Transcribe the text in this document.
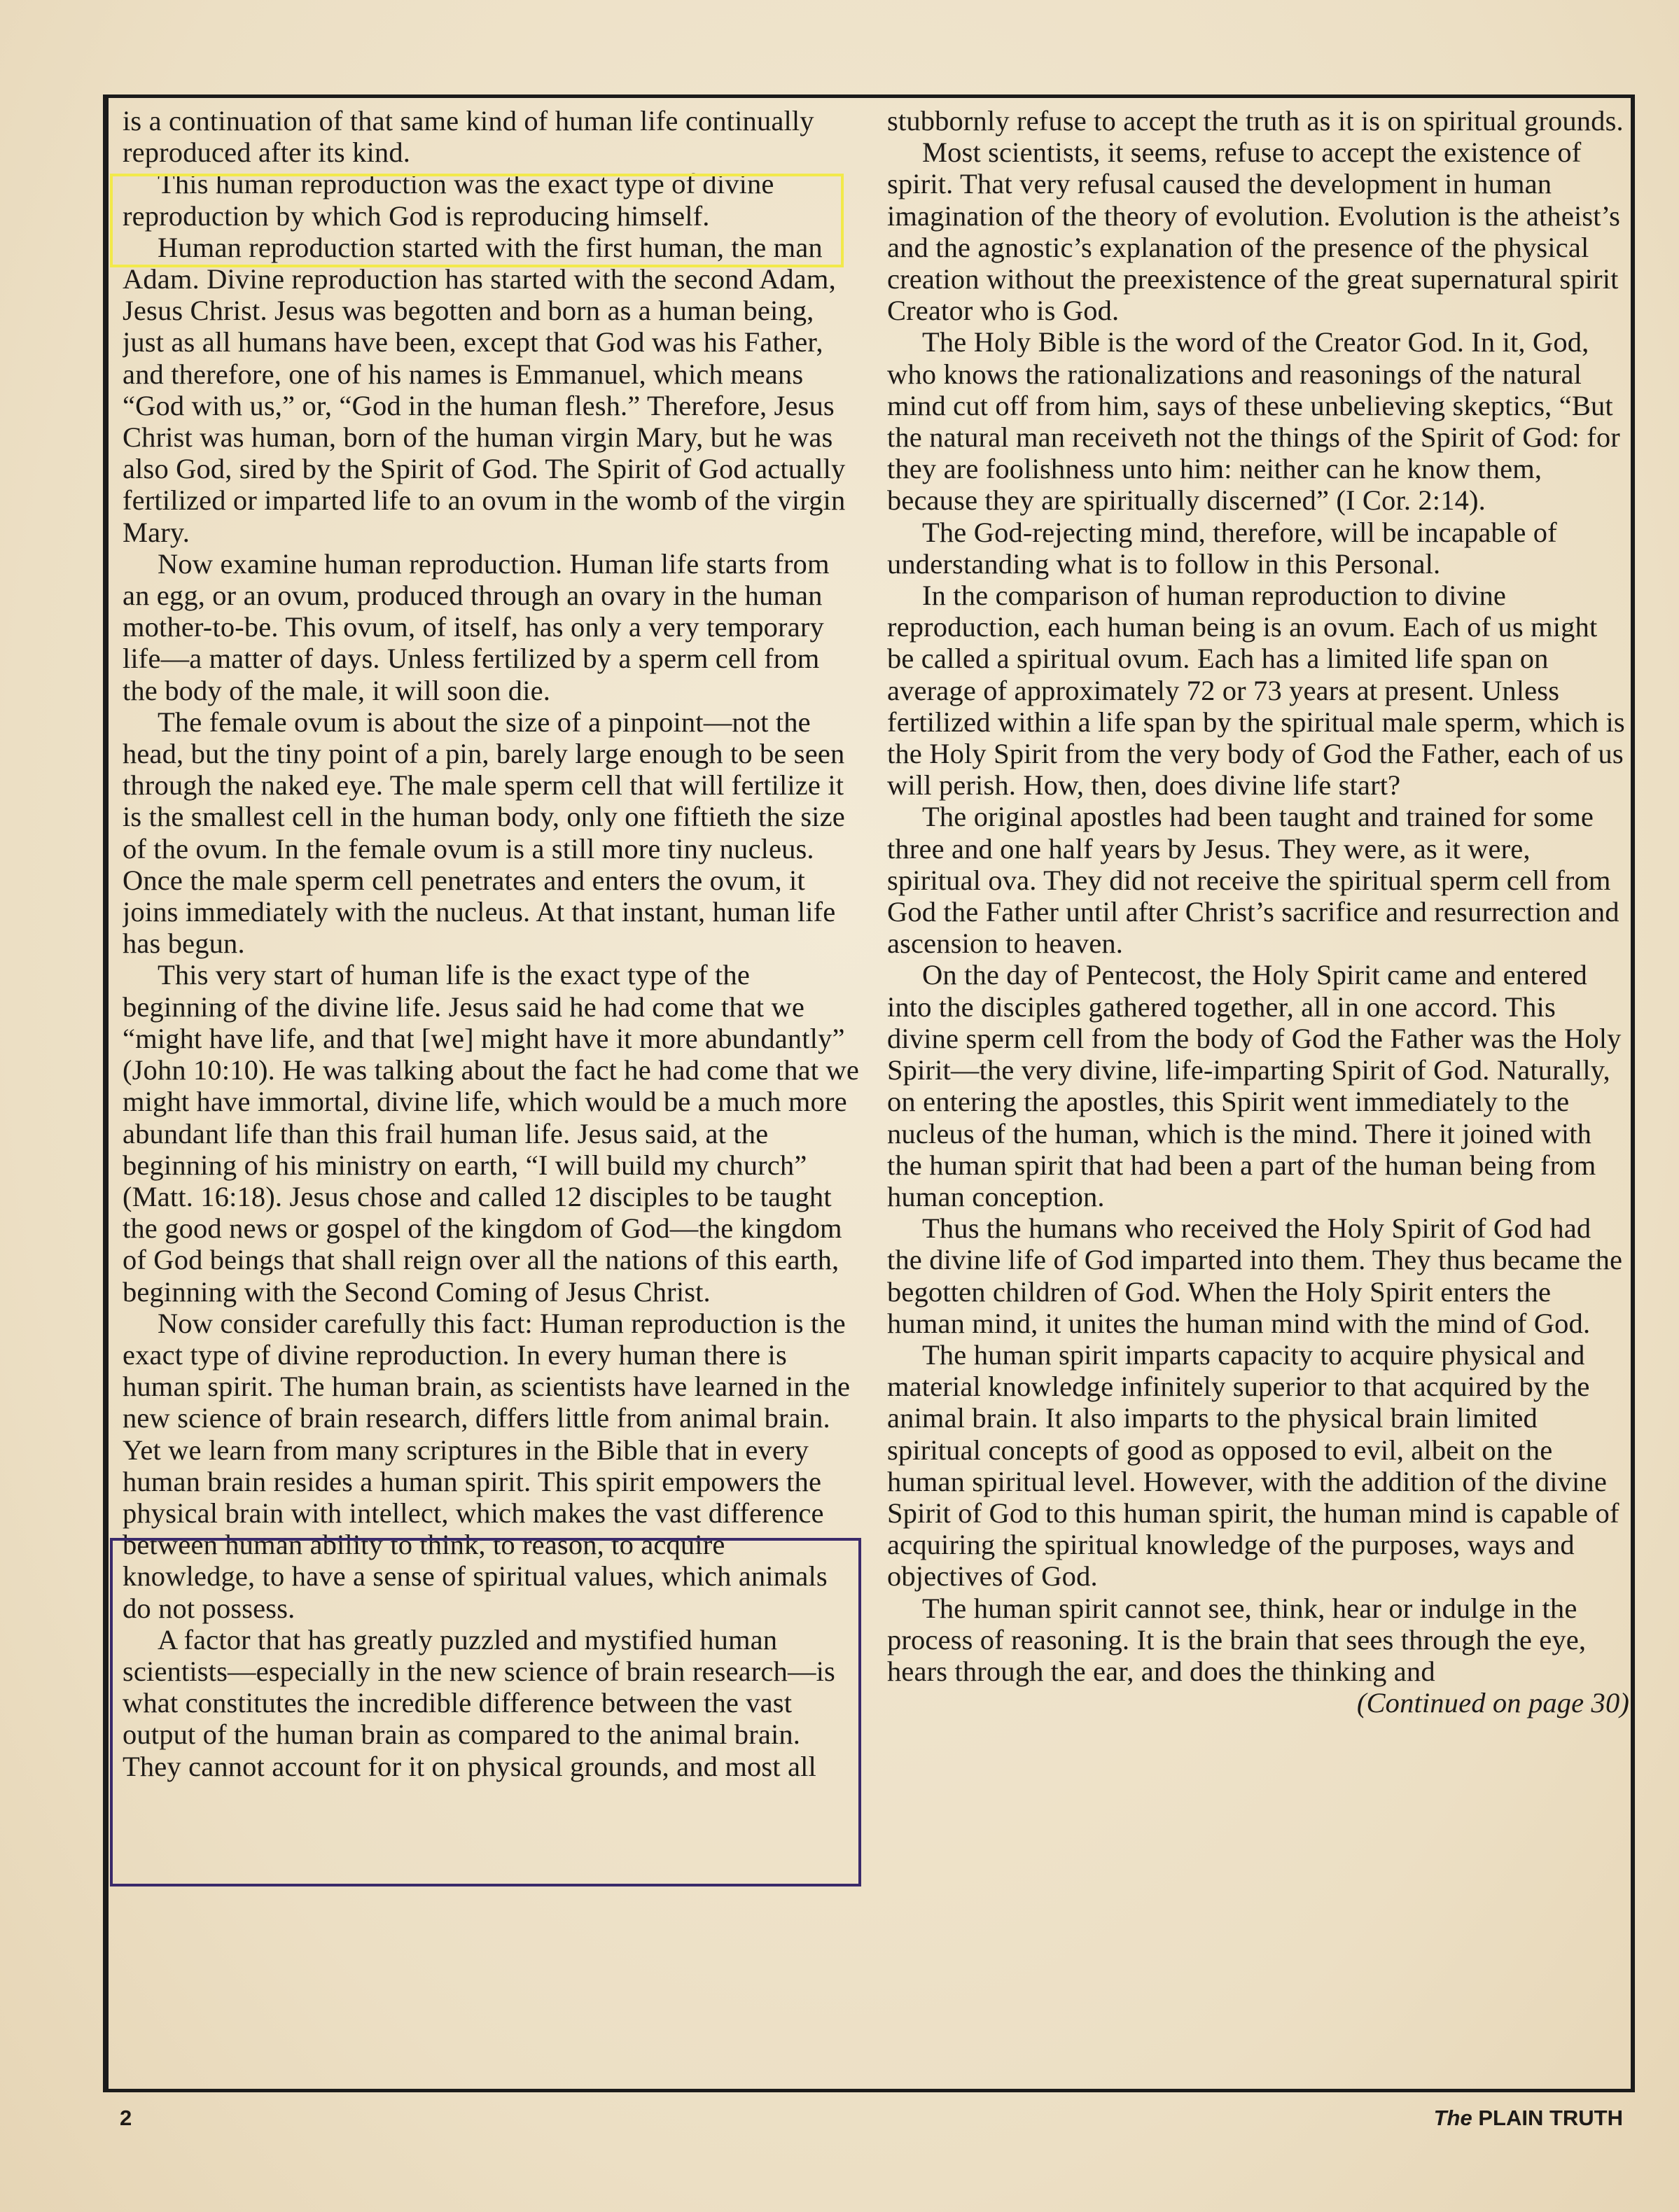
is a continuation of that same kind of human life continually reproduced after its kind.

This human reproduction was the exact type of divine reproduction by which God is reproducing himself.

Human reproduction started with the first human, the man Adam. Divine reproduction has started with the second Adam, Jesus Christ. Jesus was begotten and born as a human being, just as all humans have been, except that God was his Father, and therefore, one of his names is Emmanuel, which means “God with us,” or, “God in the human flesh.” Therefore, Jesus Christ was human, born of the human virgin Mary, but he was also God, sired by the Spirit of God. The Spirit of God actually fertilized or imparted life to an ovum in the womb of the virgin Mary.

Now examine human reproduction. Human life starts from an egg, or an ovum, produced through an ovary in the human mother-to-be. This ovum, of itself, has only a very temporary life—a matter of days. Unless fertilized by a sperm cell from the body of the male, it will soon die.

The female ovum is about the size of a pinpoint—not the head, but the tiny point of a pin, barely large enough to be seen through the naked eye. The male sperm cell that will fertilize it is the smallest cell in the human body, only one fiftieth the size of the ovum. In the female ovum is a still more tiny nucleus. Once the male sperm cell penetrates and enters the ovum, it joins immediately with the nucleus. At that instant, human life has begun.

This very start of human life is the exact type of the beginning of the divine life. Jesus said he had come that we “might have life, and that [we] might have it more abundantly” (John 10:10). He was talking about the fact he had come that we might have immortal, divine life, which would be a much more abundant life than this frail human life. Jesus said, at the beginning of his ministry on earth, “I will build my church” (Matt. 16:18). Jesus chose and called 12 disciples to be taught the good news or gospel of the kingdom of God—the kingdom of God beings that shall reign over all the nations of this earth, beginning with the Second Coming of Jesus Christ.

Now consider carefully this fact: Human reproduction is the exact type of divine reproduction. In every human there is human spirit. The human brain, as scientists have learned in the new science of brain research, differs little from animal brain. Yet we learn from many scriptures in the Bible that in every human brain resides a human spirit. This spirit empowers the physical brain with intellect, which makes the vast difference between human ability to think, to reason, to acquire knowledge, to have a sense of spiritual values, which animals do not possess.

A factor that has greatly puzzled and mystified human scientists—especially in the new science of brain research—is what constitutes the incredible difference between the vast output of the human brain as compared to the animal brain. They cannot account for it on physical grounds, and most all

stubbornly refuse to accept the truth as it is on spiritual grounds.

Most scientists, it seems, refuse to accept the existence of spirit. That very refusal caused the development in human imagination of the theory of evolution. Evolution is the atheist’s and the agnostic’s explanation of the presence of the physical creation without the preexistence of the great supernatural spirit Creator who is God.

The Holy Bible is the word of the Creator God. In it, God, who knows the rationalizations and reasonings of the natural mind cut off from him, says of these unbelieving skeptics, “But the natural man receiveth not the things of the Spirit of God: for they are foolishness unto him: neither can he know them, because they are spiritually discerned” (I Cor. 2:14).

The God-rejecting mind, therefore, will be incapable of understanding what is to follow in this Personal.

In the comparison of human reproduction to divine reproduction, each human being is an ovum. Each of us might be called a spiritual ovum. Each has a limited life span on average of approximately 72 or 73 years at present. Unless fertilized within a life span by the spiritual male sperm, which is the Holy Spirit from the very body of God the Father, each of us will perish. How, then, does divine life start?

The original apostles had been taught and trained for some three and one half years by Jesus. They were, as it were, spiritual ova. They did not receive the spiritual sperm cell from God the Father until after Christ’s sacrifice and resurrection and ascension to heaven.

On the day of Pentecost, the Holy Spirit came and entered into the disciples gathered together, all in one accord. This divine sperm cell from the body of God the Father was the Holy Spirit—the very divine, life-imparting Spirit of God. Naturally, on entering the apostles, this Spirit went immediately to the nucleus of the human, which is the mind. There it joined with the human spirit that had been a part of the human being from human conception.

Thus the humans who received the Holy Spirit of God had the divine life of God imparted into them. They thus became the begotten children of God. When the Holy Spirit enters the human mind, it unites the human mind with the mind of God.

The human spirit imparts capacity to acquire physical and material knowledge infinitely superior to that acquired by the animal brain. It also imparts to the physical brain limited spiritual concepts of good as opposed to evil, albeit on the human spiritual level. However, with the addition of the divine Spirit of God to this human spirit, the human mind is capable of acquiring the spiritual knowledge of the purposes, ways and objectives of God.

The human spirit cannot see, think, hear or indulge in the process of reasoning. It is the brain that sees through the eye, hears through the ear, and does the thinking and
(Continued on page 30)

2	The PLAIN TRUTH
